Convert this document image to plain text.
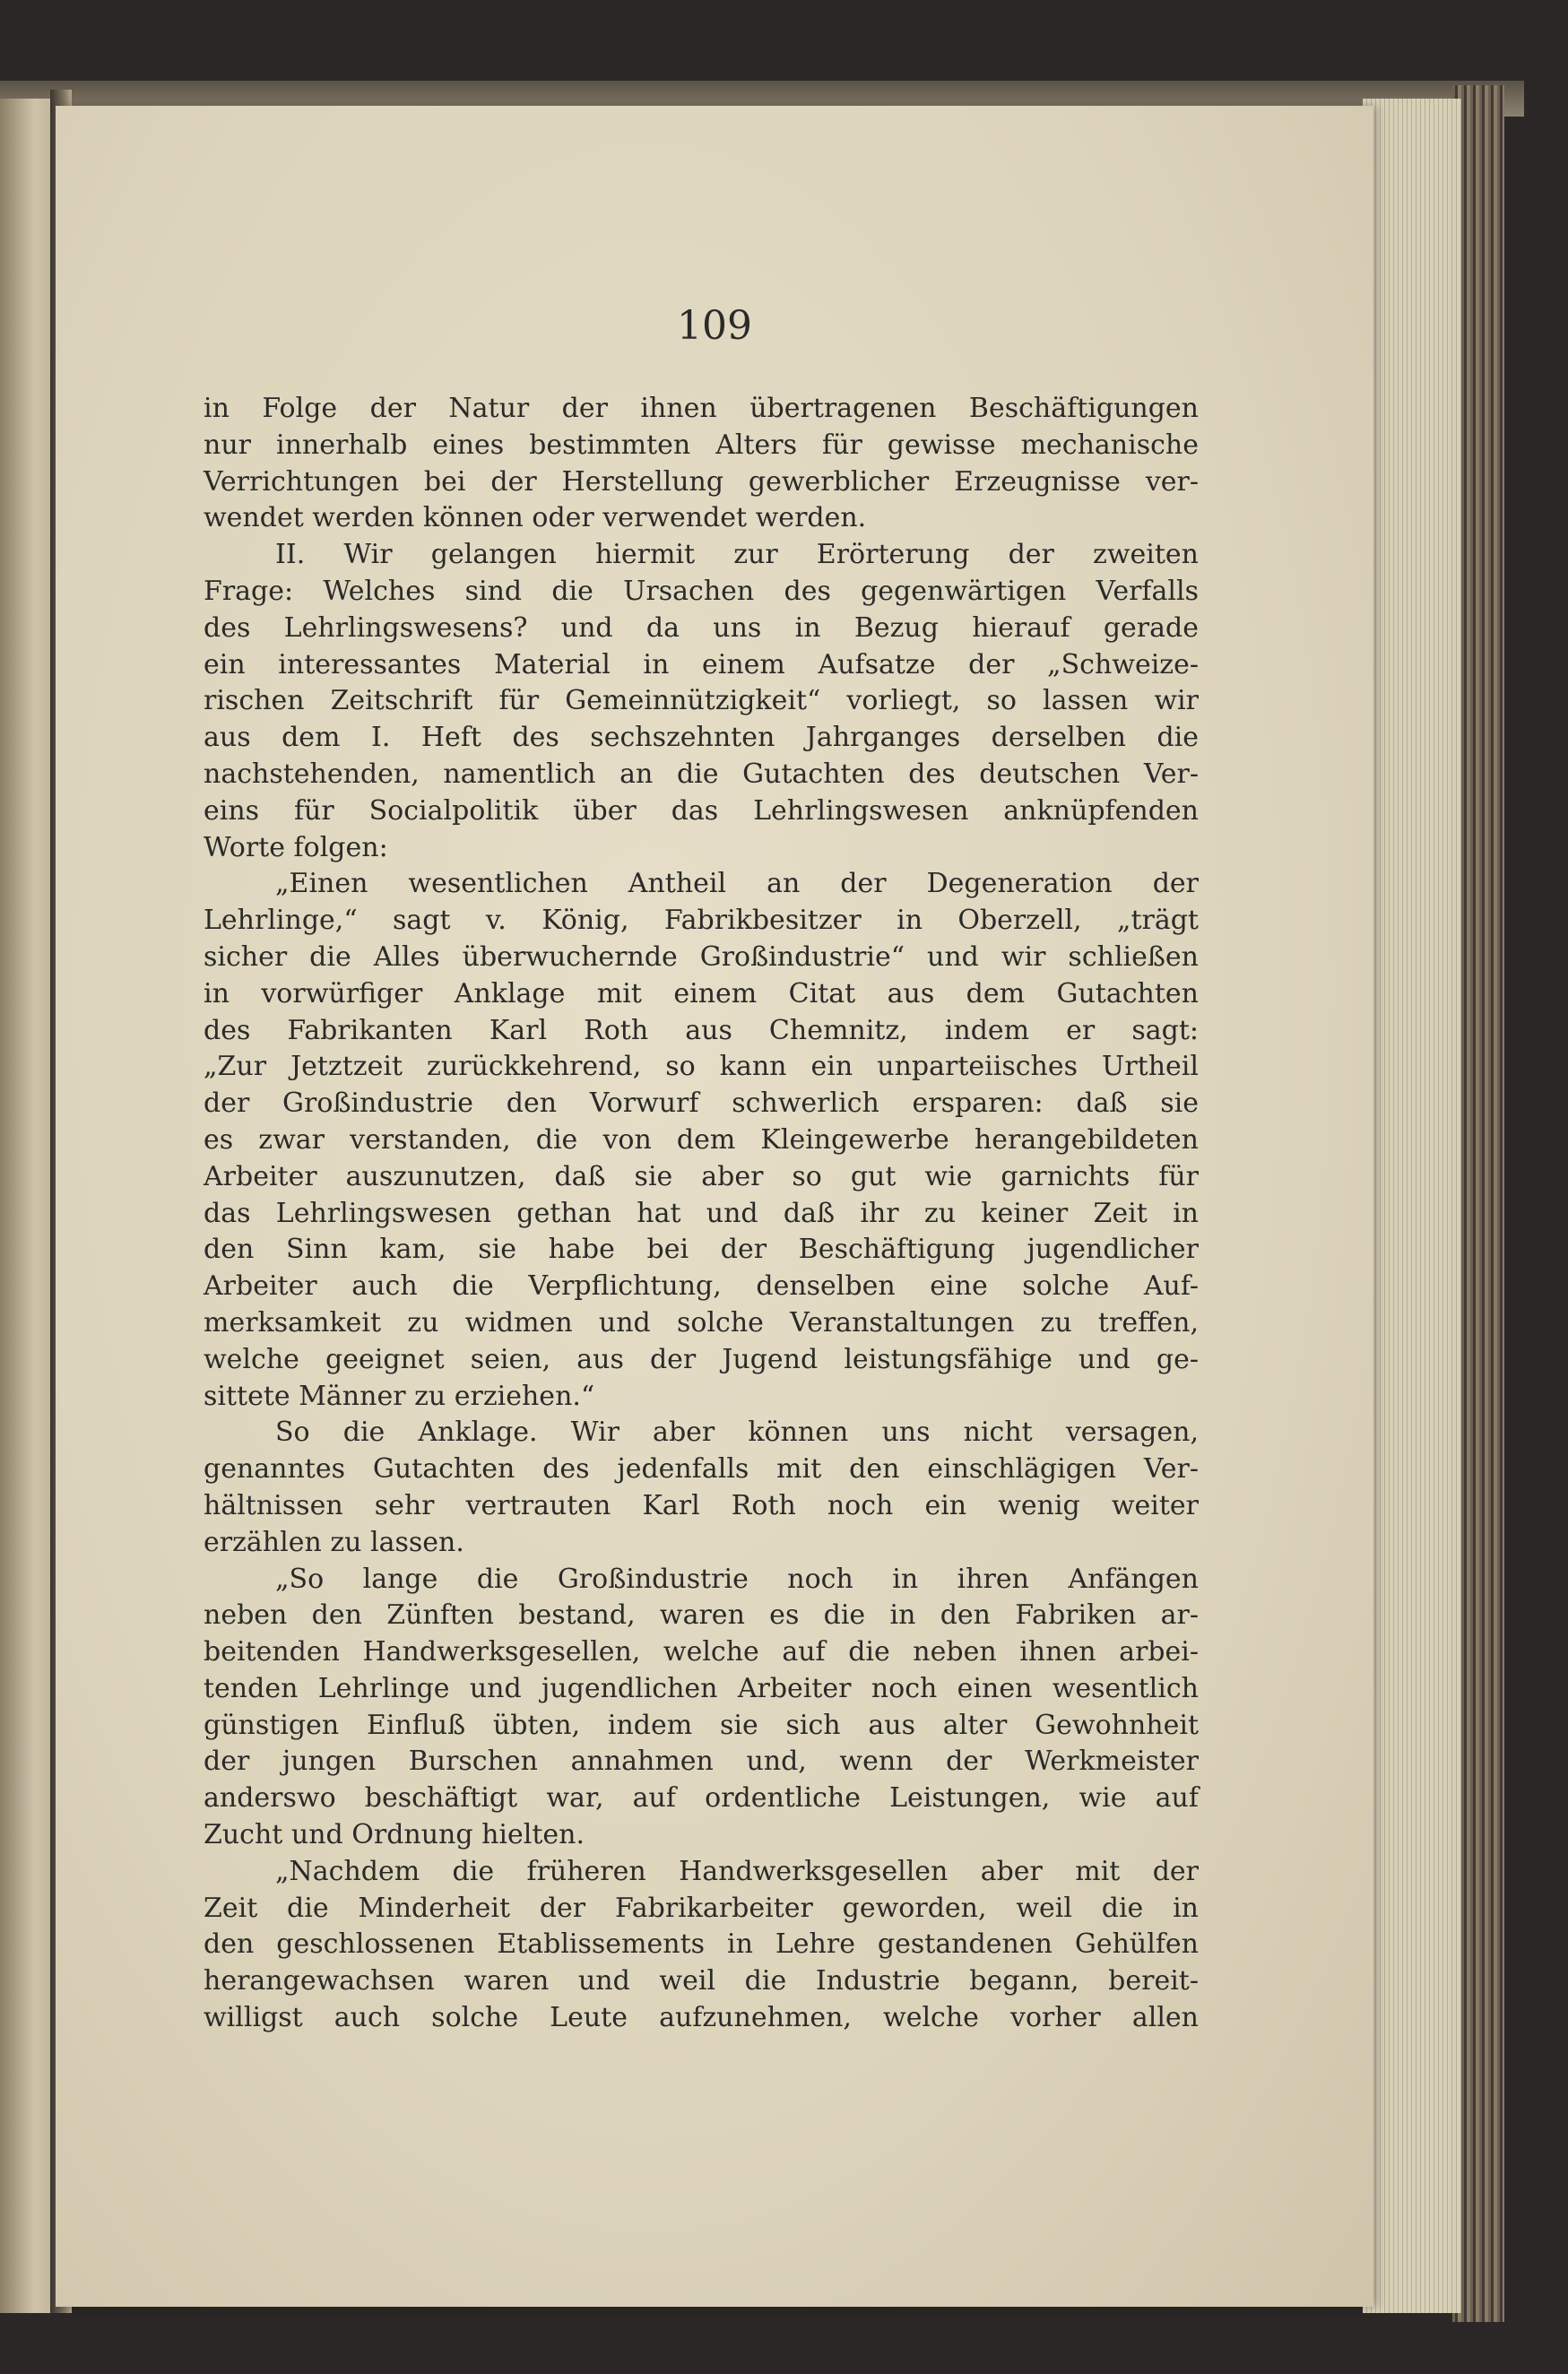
109
in Folge der Natur der ihnen übertragenen Beschäftigungen
nur innerhalb eines bestimmten Alters für gewisse mechanische
Verrichtungen bei der Herstellung gewerblicher Erzeugnisse ver-
wendet werden können oder verwendet werden.
II. Wir gelangen hiermit zur Erörterung der zweiten
Frage: Welches sind die Ursachen des gegenwärtigen Verfalls
des Lehrlingswesens? und da uns in Bezug hierauf gerade
ein interessantes Material in einem Aufsatze der „Schweize-
rischen Zeitschrift für Gemeinnützigkeit“ vorliegt, so lassen wir
aus dem I. Heft des sechszehnten Jahrganges derselben die
nachstehenden, namentlich an die Gutachten des deutschen Ver-
eins für Socialpolitik über das Lehrlingswesen anknüpfenden
Worte folgen:
„Einen wesentlichen Antheil an der Degeneration der
Lehrlinge,“ sagt v. König, Fabrikbesitzer in Oberzell, „trägt
sicher die Alles überwuchernde Großindustrie“ und wir schließen
in vorwürfiger Anklage mit einem Citat aus dem Gutachten
des Fabrikanten Karl Roth aus Chemnitz, indem er sagt:
„Zur Jetztzeit zurückkehrend, so kann ein unparteiisches Urtheil
der Großindustrie den Vorwurf schwerlich ersparen: daß sie
es zwar verstanden, die von dem Kleingewerbe herangebildeten
Arbeiter auszunutzen, daß sie aber so gut wie garnichts für
das Lehrlingswesen gethan hat und daß ihr zu keiner Zeit in
den Sinn kam, sie habe bei der Beschäftigung jugendlicher
Arbeiter auch die Verpflichtung, denselben eine solche Auf-
merksamkeit zu widmen und solche Veranstaltungen zu treffen,
welche geeignet seien, aus der Jugend leistungsfähige und ge-
sittete Männer zu erziehen.“
So die Anklage. Wir aber können uns nicht versagen,
genanntes Gutachten des jedenfalls mit den einschlägigen Ver-
hältnissen sehr vertrauten Karl Roth noch ein wenig weiter
erzählen zu lassen.
„So lange die Großindustrie noch in ihren Anfängen
neben den Zünften bestand, waren es die in den Fabriken ar-
beitenden Handwerksgesellen, welche auf die neben ihnen arbei-
tenden Lehrlinge und jugendlichen Arbeiter noch einen wesentlich
günstigen Einfluß übten, indem sie sich aus alter Gewohnheit
der jungen Burschen annahmen und, wenn der Werkmeister
anderswo beschäftigt war, auf ordentliche Leistungen, wie auf
Zucht und Ordnung hielten.
„Nachdem die früheren Handwerksgesellen aber mit der
Zeit die Minderheit der Fabrikarbeiter geworden, weil die in
den geschlossenen Etablissements in Lehre gestandenen Gehülfen
herangewachsen waren und weil die Industrie begann, bereit-
willigst auch solche Leute aufzunehmen, welche vorher allen
